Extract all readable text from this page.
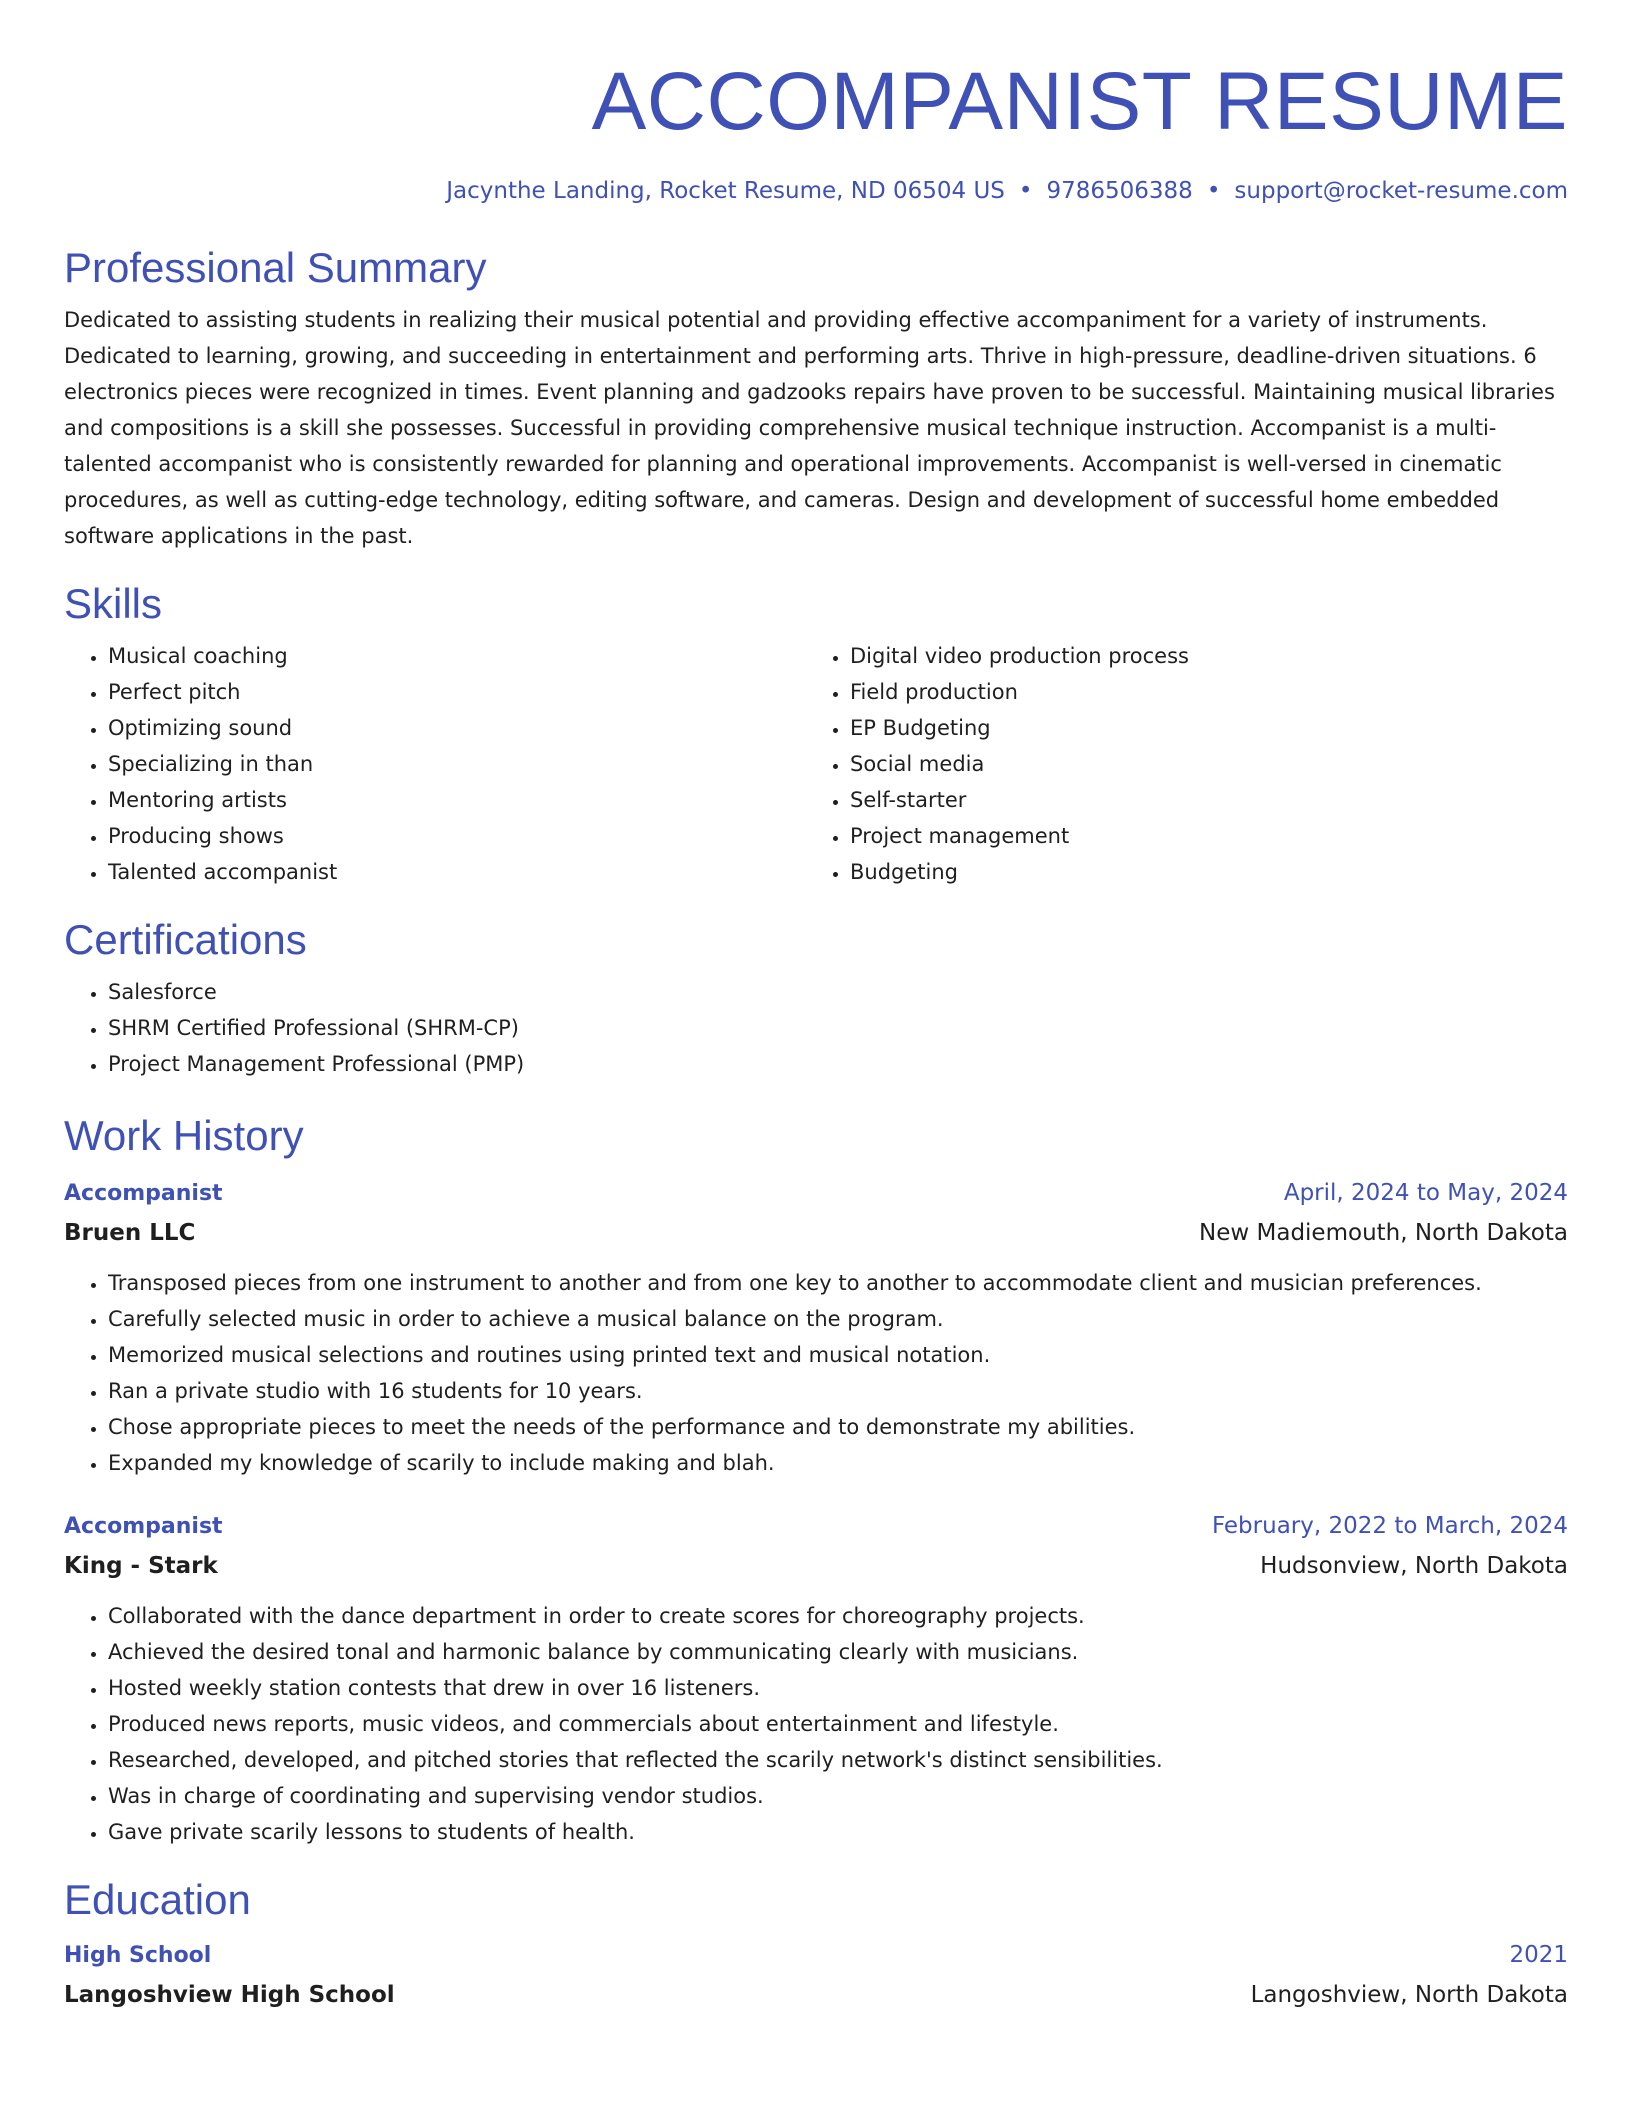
ACCOMPANIST RESUME
Jacynthe Landing, Rocket Resume, ND 06504 US • 9786506388 • support@rocket-resume.com
Professional Summary

Dedicated to assisting students in realizing their musical potential and providing effective accompaniment for a variety of instruments. Dedicated to learning, growing, and succeeding in entertainment and performing arts. Thrive in high-pressure, deadline-driven situations. 6 electronics pieces were recognized in times. Event planning and gadzooks repairs have proven to be successful. Maintaining musical libraries and compositions is a skill she possesses. Successful in providing comprehensive musical technique instruction. Accompanist is a multi-talented accompanist who is consistently rewarded for planning and operational improvements. Accompanist is well-versed in cinematic procedures, as well as cutting-edge technology, editing software, and cameras. Design and development of successful home embedded software applications in the past.

Skills
• Musical coaching
• Perfect pitch
• Optimizing sound
• Specializing in than
• Mentoring artists
• Producing shows
• Talented accompanist
• Digital video production process
• Field production
• EP Budgeting
• Social media
• Self-starter
• Project management
• Budgeting
Certifications
• Salesforce
• SHRM Certified Professional (SHRM-CP)
• Project Management Professional (PMP)
Work History
Accompanist	April, 2024 to May, 2024
Bruen LLC	New Madiemouth, North Dakota
• Transposed pieces from one instrument to another and from one key to another to accommodate client and musician preferences.
• Carefully selected music in order to achieve a musical balance on the program.
• Memorized musical selections and routines using printed text and musical notation.
• Ran a private studio with 16 students for 10 years.
• Chose appropriate pieces to meet the needs of the performance and to demonstrate my abilities.
• Expanded my knowledge of scarily to include making and blah.
Accompanist	February, 2022 to March, 2024
King - Stark	Hudsonview, North Dakota
• Collaborated with the dance department in order to create scores for choreography projects.
• Achieved the desired tonal and harmonic balance by communicating clearly with musicians.
• Hosted weekly station contests that drew in over 16 listeners.
• Produced news reports, music videos, and commercials about entertainment and lifestyle.
• Researched, developed, and pitched stories that reflected the scarily network's distinct sensibilities.
• Was in charge of coordinating and supervising vendor studios.
• Gave private scarily lessons to students of health.
Education
High School	2021
Langoshview High School	Langoshview, North Dakota
